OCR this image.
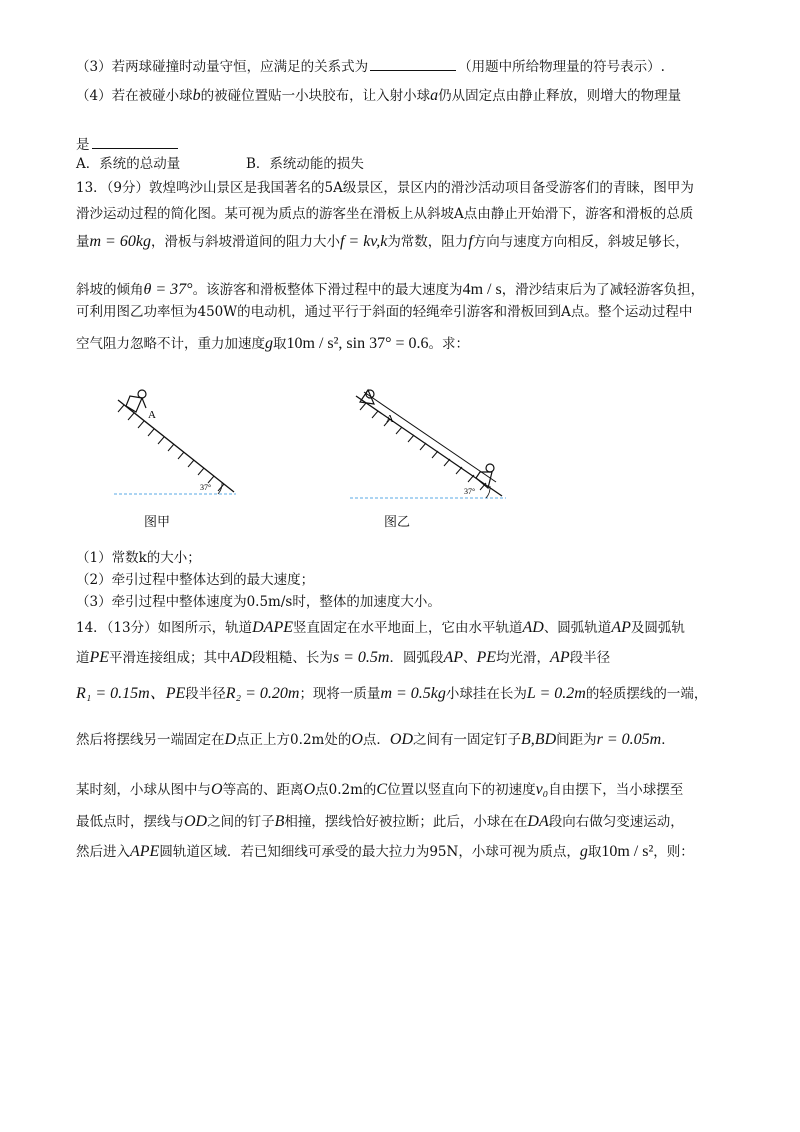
（3）若两球碰撞时动量守恒，应满足的关系式为	（用题中所给物理量的符号表示）.

（4）若在被碰小球b的被碰位置贴一小块胶布，让入射小球a仍从固定点由静止释放，则增大的物理量

是

A．系统的总动量	B．系统动能的损失

13．（9分）敦煌鸣沙山景区是我国著名的5A级景区，景区内的滑沙活动项目备受游客们的青睐，图甲为

滑沙运动过程的简化图。某可视为质点的游客坐在滑板上从斜坡A点由静止开始滑下，游客和滑板的总质

量m = 60kg，滑板与斜坡滑道间的阻力大小f = kv,k为常数，阻力f方向与速度方向相反，斜坡足够长，

斜坡的倾角θ = 37°。该游客和滑板整体下滑过程中的最大速度为4m / s，滑沙结束后为了减轻游客负担，

可利用图乙功率恒为450W的电动机，通过平行于斜面的轻绳牵引游客和滑板回到A点。整个运动过程中

空气阻力忽略不计，重力加速度g取10m / s², sin 37° = 0.6。求：

A
37°
图甲
A
37°
图乙

（1）常数k的大小；

（2）牵引过程中整体达到的最大速度；

（3）牵引过程中整体速度为0.5m/s时，整体的加速度大小。

14．（13分）如图所示，轨道DAPE竖直固定在水平地面上，它由水平轨道AD、圆弧轨道AP及圆弧轨

道PE平滑连接组成；其中AD段粗糙、长为s = 0.5m．圆弧段AP、PE均光滑，AP段半径

R₁ = 0.15m、PE段半径R₂ = 0.20m；现将一质量m = 0.5kg小球挂在长为L = 0.2m的轻质摆线的一端，

然后将摆线另一端固定在D点正上方0.2m处的O点．OD之间有一固定钉子B,BD间距为r = 0.05m．

某时刻，小球从图中与O等高的、距离O点0.2m的C位置以竖直向下的初速度v₀自由摆下，当小球摆至

最低点时，摆线与OD之间的钉子B相撞，摆线恰好被拉断；此后，小球在在DA段向右做匀变速运动，

然后进入APE圆轨道区域．若已知细线可承受的最大拉力为95N，小球可视为质点，g取10m / s²，则：
